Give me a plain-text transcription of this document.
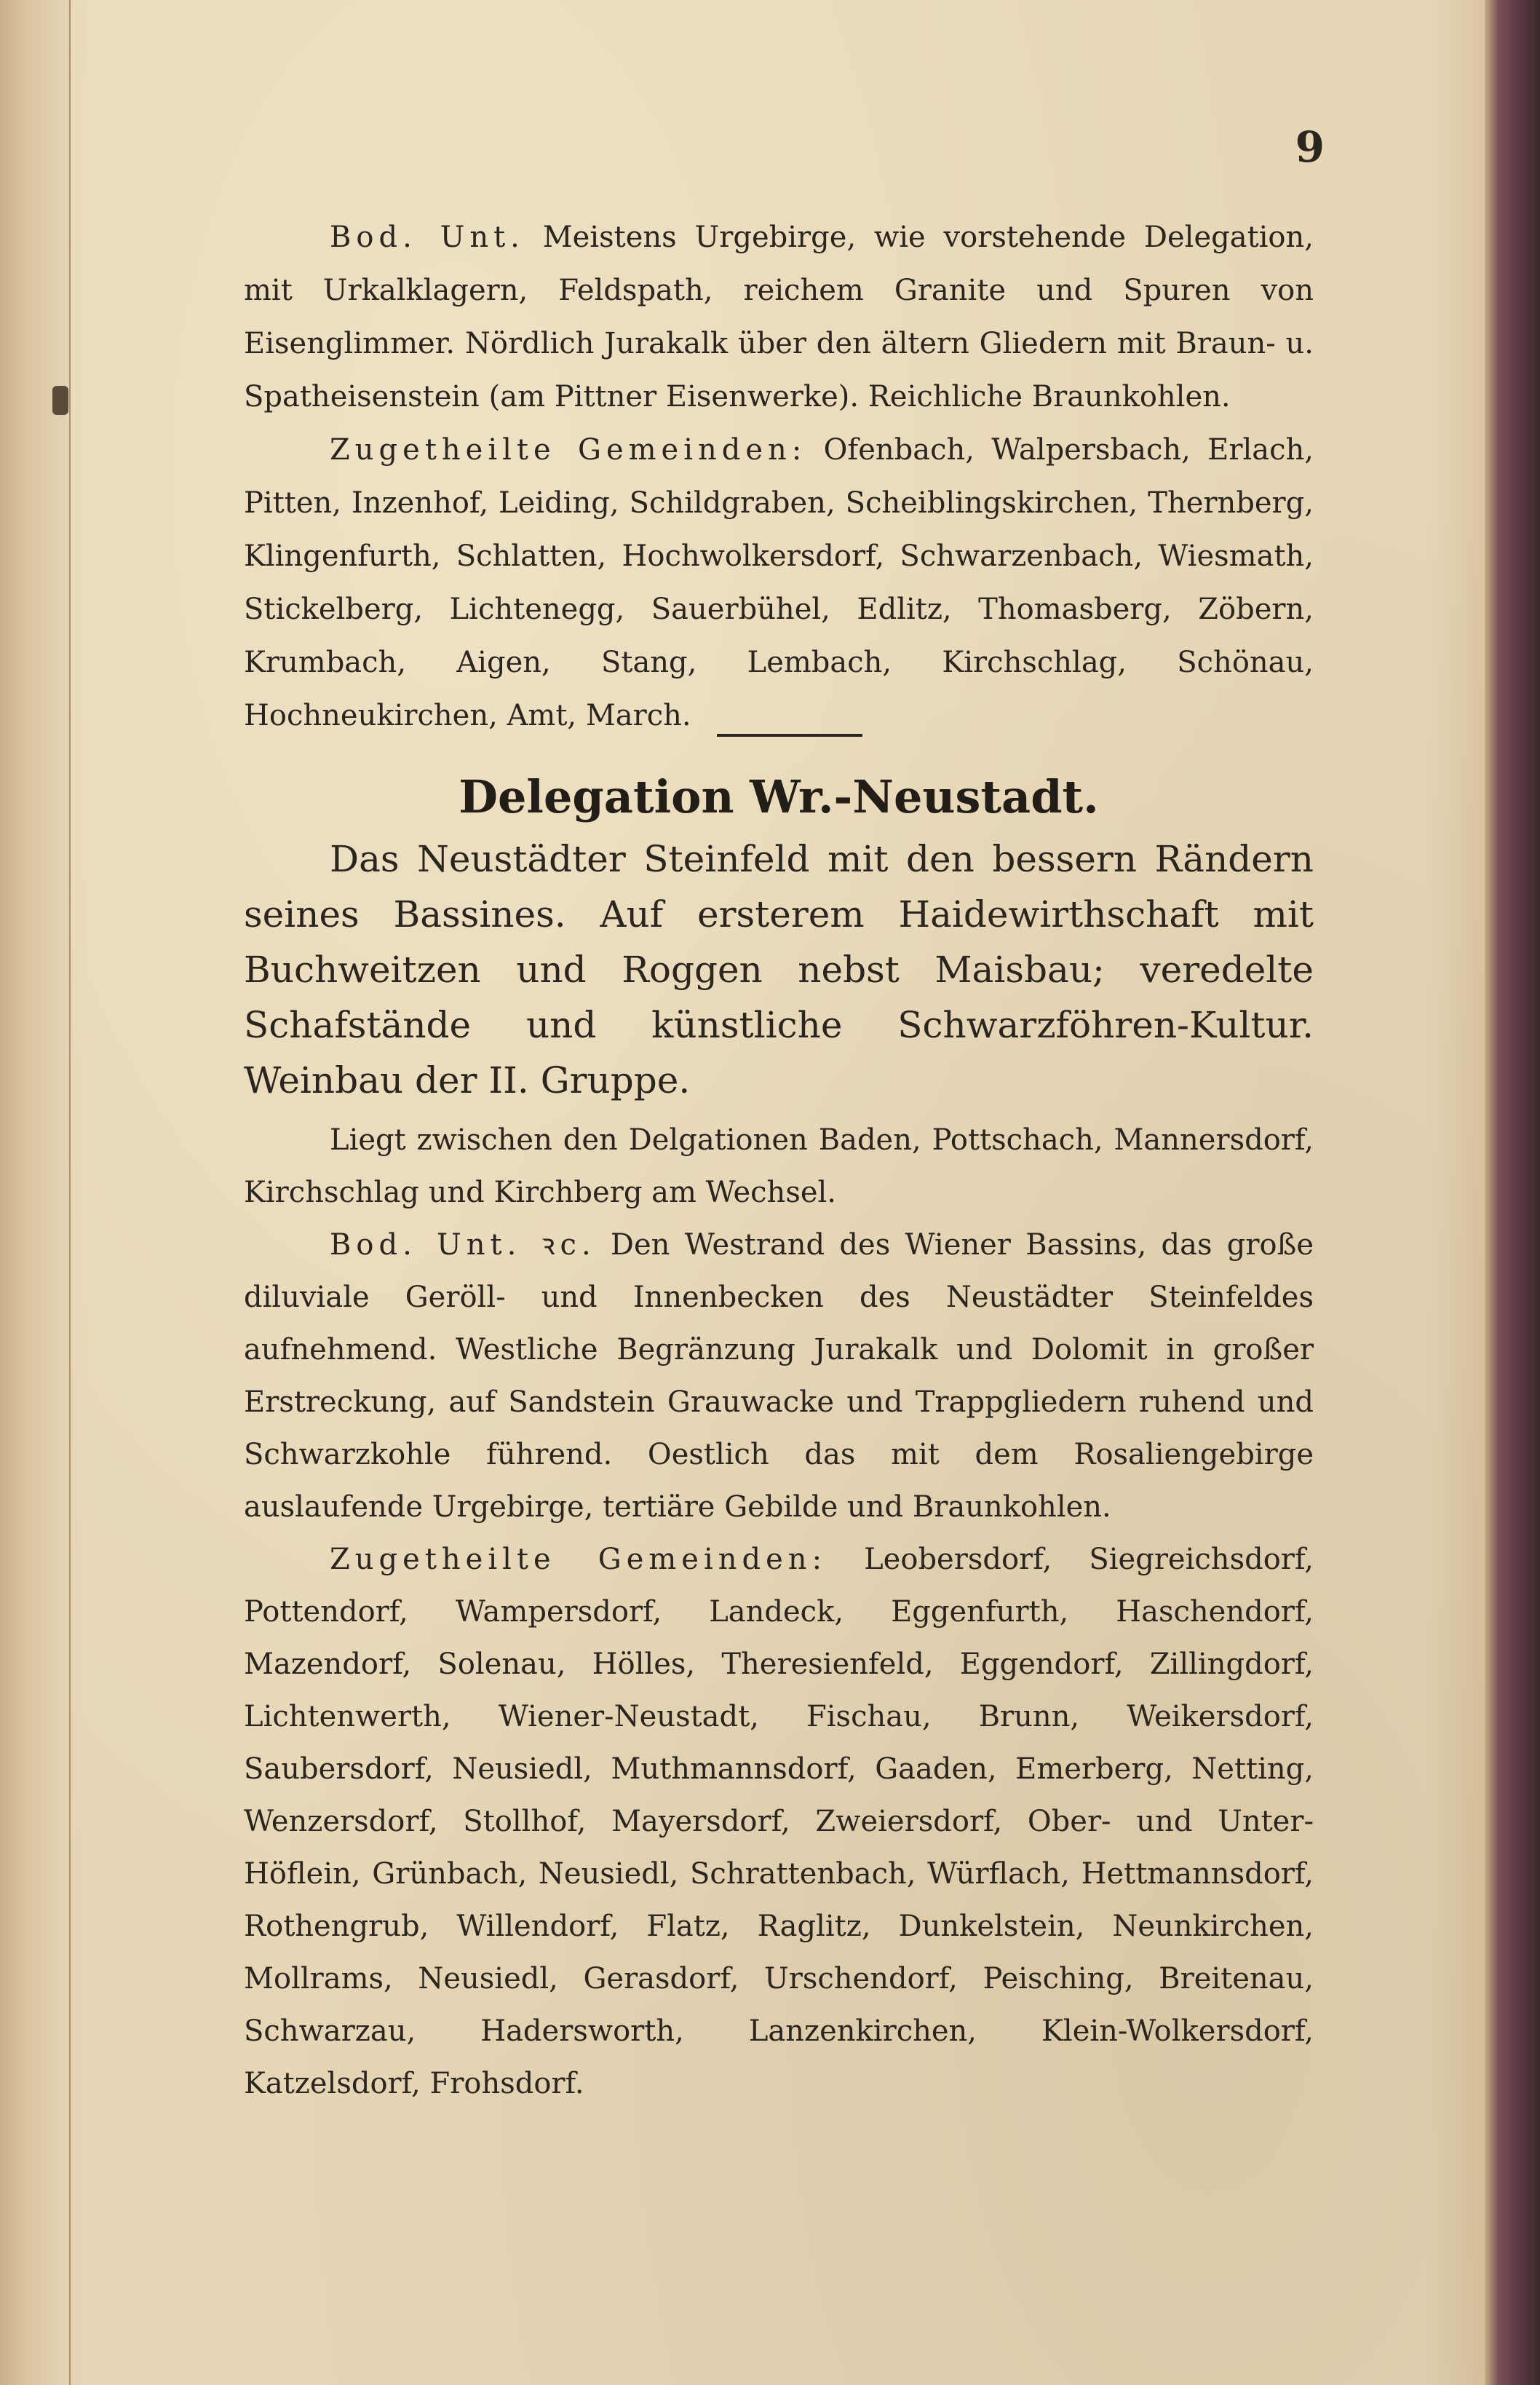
9

Bod. Unt. Meistens Urgebirge, wie vorstehende Delegation, mit Urkalklagern, Feldspath, reichem Granite und Spuren von Eisenglimmer. Nördlich Jurakalk über den ältern Gliedern mit Braun- u. Spatheisenstein (am Pittner Eisenwerke). Reichliche Braunkohlen.

Zugetheilte Gemeinden: Ofenbach, Walpersbach, Erlach, Pitten, Inzenhof, Leiding, Schildgraben, Scheiblingskirchen, Thernberg, Klingenfurth, Schlatten, Hochwolkersdorf, Schwarzenbach, Wiesmath, Stickelberg, Lichtenegg, Sauerbühel, Edlitz, Thomasberg, Zöbern, Krumbach, Aigen, Stang, Lembach, Kirchschlag, Schönau, Hochneukirchen, Amt, March.

Delegation Wr.-Neustadt.

Das Neustädter Steinfeld mit den bessern Rändern seines Bassines. Auf ersterem Haidewirthschaft mit Buchweitzen und Roggen nebst Maisbau; veredelte Schafstände und künstliche Schwarzföhren-Kultur. Weinbau der II. Gruppe.

Liegt zwischen den Delgationen Baden, Pottschach, Mannersdorf, Kirchschlag und Kirchberg am Wechsel.

Bod. Unt. ꝛc. Den Westrand des Wiener Bassins, das große diluviale Geröll- und Innenbecken des Neustädter Steinfeldes aufnehmend. Westliche Begränzung Jurakalk und Dolomit in großer Erstreckung, auf Sandstein Grauwacke und Trappgliedern ruhend und Schwarzkohle führend. Oestlich das mit dem Rosaliengebirge auslaufende Urgebirge, tertiäre Gebilde und Braunkohlen.

Zugetheilte Gemeinden: Leobersdorf, Siegreichsdorf, Pottendorf, Wampersdorf, Landeck, Eggenfurth, Haschendorf, Mazendorf, Solenau, Hölles, Theresienfeld, Eggendorf, Zillingdorf, Lichtenwerth, Wiener-Neustadt, Fischau, Brunn, Weikersdorf, Saubersdorf, Neusiedl, Muthmannsdorf, Gaaden, Emerberg, Netting, Wenzersdorf, Stollhof, Mayersdorf, Zweiersdorf, Ober- und Unter-Höflein, Grünbach, Neusiedl, Schrattenbach, Würflach, Hettmannsdorf, Rothengrub, Willendorf, Flatz, Raglitz, Dunkelstein, Neunkirchen, Mollrams, Neusiedl, Gerasdorf, Urschendorf, Peisching, Breitenau, Schwarzau, Hadersworth, Lanzenkirchen, Klein-Wolkersdorf, Katzelsdorf, Frohsdorf.
